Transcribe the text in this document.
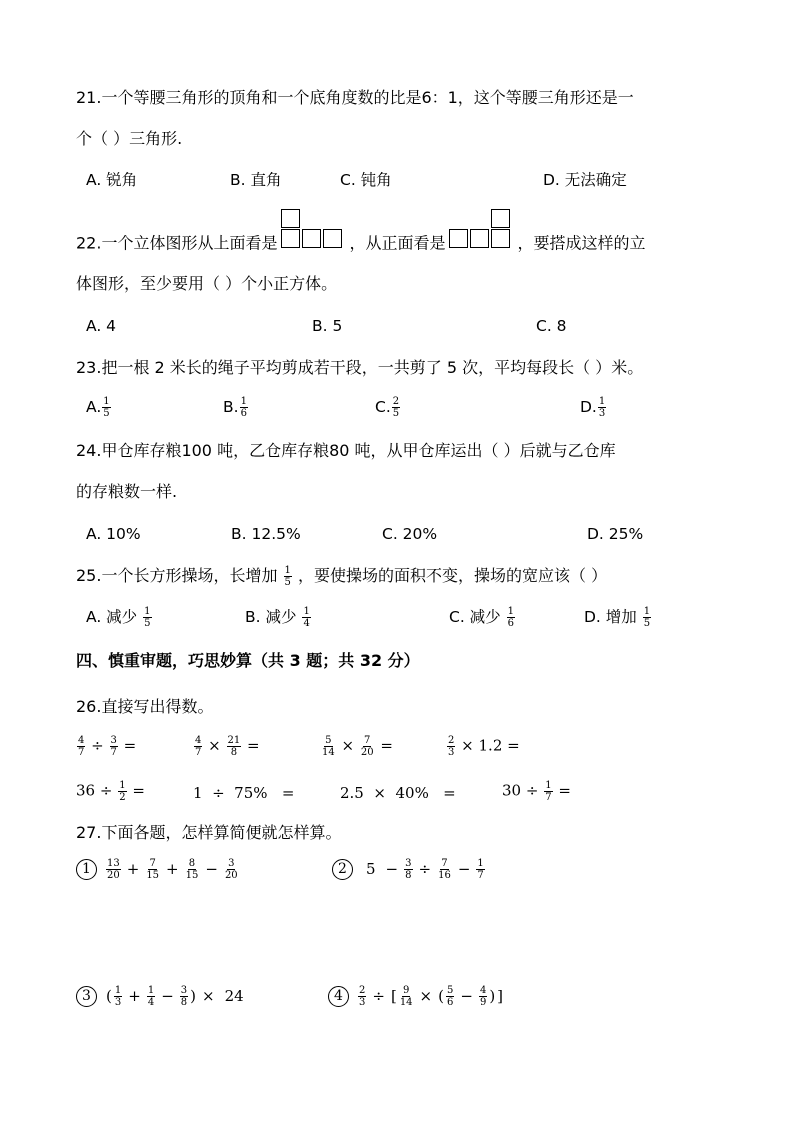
21.一个等腰三角形的顶角和一个底角度数的比是6：1，这个等腰三角形还是一
个（ ）三角形.
A. 锐角	B. 直角	C. 钝角	D. 无法确定
22.一个立体图形从上面看是	，从正面看是	，要搭成这样的立
体图形，至少要用（ ）个小正方体。
A. 4	B. 5	C. 8
23.把一根 2 米长的绳子平均剪成若干段，一共剪了 5 次，平均每段长（ ）米。
A. $\frac{1}{5}$	B. $\frac{1}{6}$	C. $\frac{2}{5}$	D. $\frac{1}{3}$
24.甲仓库存粮100 吨，乙仓库存粮80 吨，从甲仓库运出（ ）后就与乙仓库
的存粮数一样.
A. 10%	B. 12.5%	C. 20%	D. 25%
25.一个长方形操场，长增加 $\frac{1}{5}$ ，要使操场的面积不变，操场的宽应该（ ）
A. 减少 $\frac{1}{5}$	B. 减少 $\frac{1}{4}$	C. 减少 $\frac{1}{6}$	D. 增加 $\frac{1}{5}$
四、慎重审题，巧思妙算（共 3 题；共 32 分）
26.直接写出得数。
$\frac{4}{7} \div \frac{3}{7}$ =	$\frac{4}{7} \times \frac{21}{8}$ =	$\frac{5}{14} \times \frac{7}{20}$ =	$\frac{2}{3} \times 1.2$ =
$36 \div \frac{1}{2}$ =	1  ÷  75%   =	2.5  ×  40%   =	$30 \div \frac{1}{7}$ =
27.下面各题，怎样算简便就怎样算。
$1 \frac{13}{20} + \frac{7}{15} + \frac{8}{15} - \frac{3}{20}$	2 $5 - \frac{3}{8} \div \frac{7}{16} - \frac{1}{7}$
3 ( $\frac{1}{3} + \frac{1}{4} - \frac{3}{8}$ ) × 24	$4 \frac{2}{3}$ ÷ [ $\frac{9}{14}$ × ( $\frac{5}{6} - \frac{4}{9}$ ) ]
